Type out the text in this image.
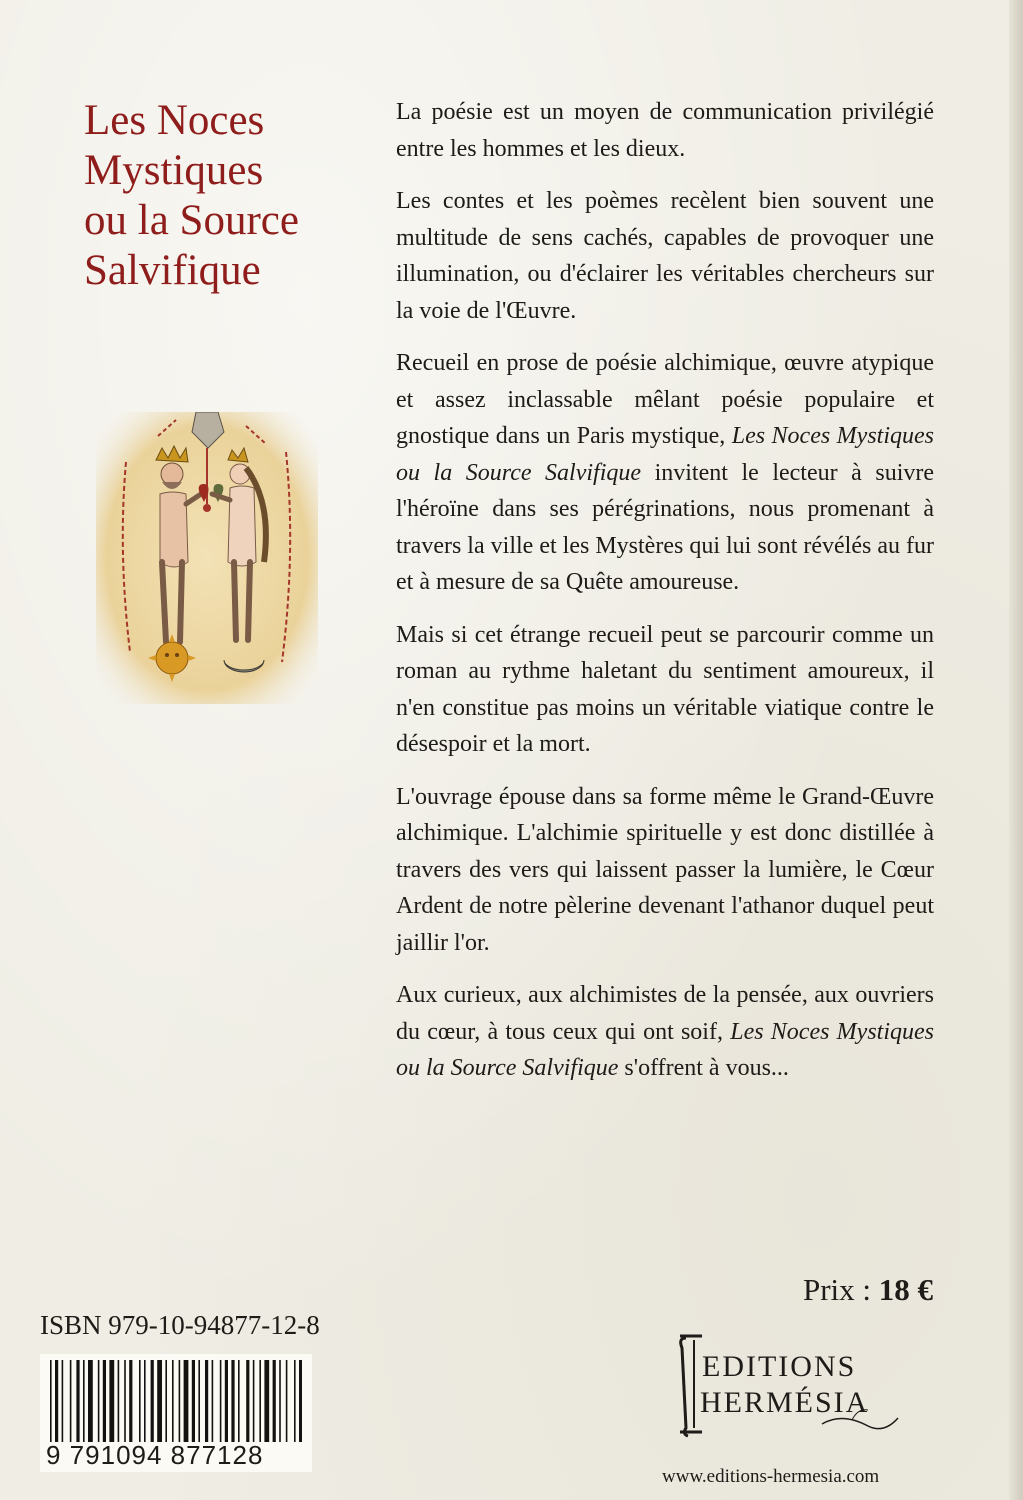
Les Noces
Mystiques
ou la Source
Salvifique

La poésie est un moyen de communication privilégié entre les hommes et les dieux.

Les contes et les poèmes recèlent bien souvent une multitude de sens cachés, capables de provoquer une illumination, ou d'éclairer les véritables chercheurs sur la voie de l'Œuvre.

Recueil en prose de poésie alchimique, œuvre atypique et assez inclassable mêlant poésie populaire et gnostique dans un Paris mystique, Les Noces Mystiques ou la Source Salvifique invitent le lecteur à suivre l'héroïne dans ses pérégrinations, nous promenant à travers la ville et les Mystères qui lui sont révélés au fur et à mesure de sa Quête amoureuse.

Mais si cet étrange recueil peut se parcourir comme un roman au rythme haletant du sentiment amoureux, il n'en constitue pas moins un véritable viatique contre le désespoir et la mort.

L'ouvrage épouse dans sa forme même le Grand-Œuvre alchimique. L'alchimie spirituelle y est donc distillée à travers des vers qui laissent passer la lumière, le Cœur Ardent de notre pèlerine devenant l'athanor duquel peut jaillir l'or.

Aux curieux, aux alchimistes de la pensée, aux ouvriers du cœur, à tous ceux qui ont soif, Les Noces Mystiques ou la Source Salvifique s'offrent à vous...

Prix : 18 €
ISBN 979-10-94877-12-8
9 791094 877128
EDITIONS
HERMÉSIA
www.editions-hermesia.com
